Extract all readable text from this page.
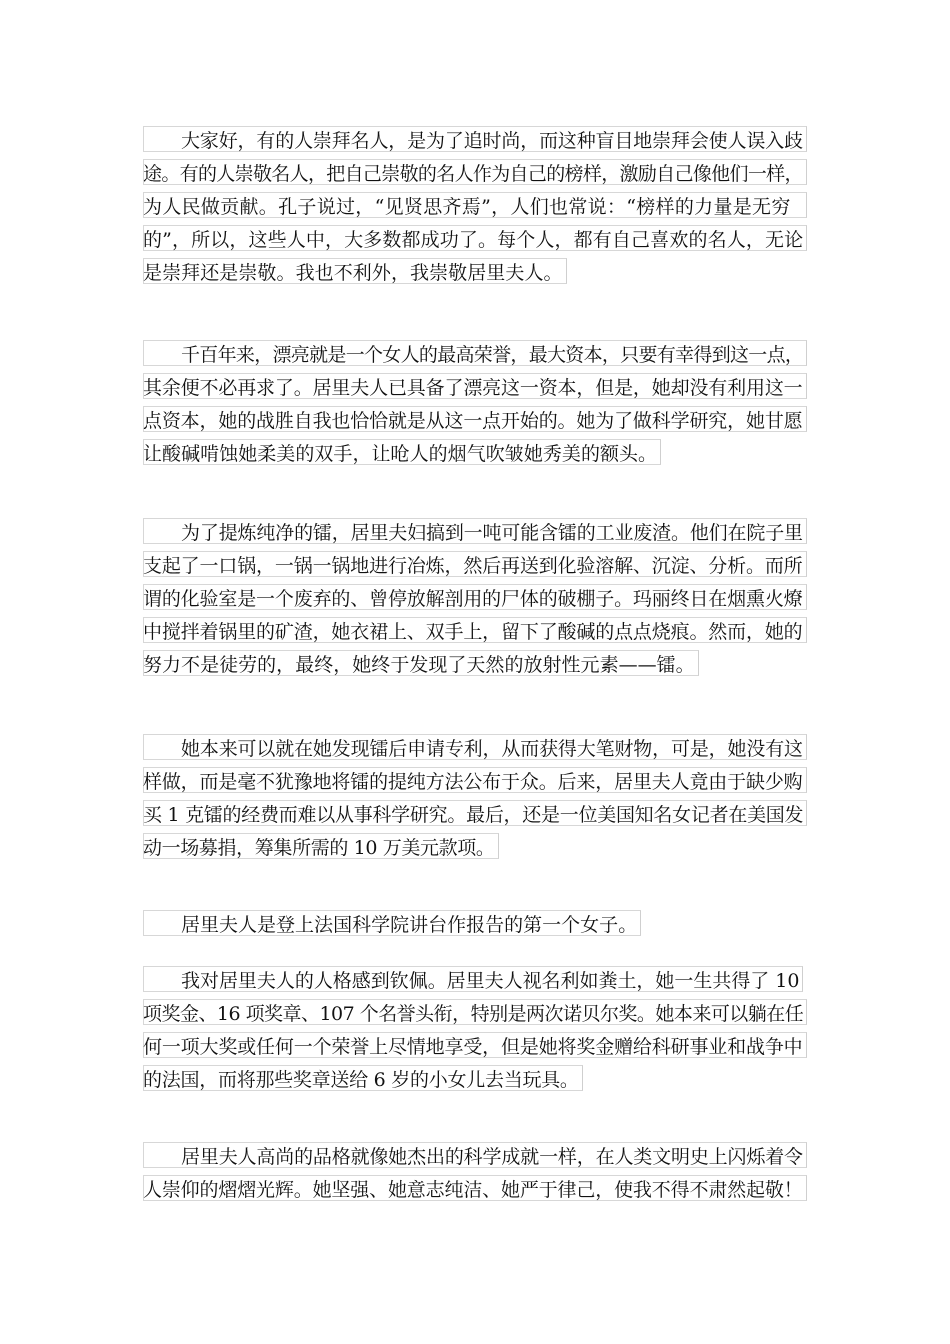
大家好，有的人崇拜名人，是为了追时尚，而这种盲目地崇拜会使人误入歧
途。有的人崇敬名人，把自己崇敬的名人作为自己的榜样，激励自己像他们一样，
为人民做贡献。孔子说过，“见贤思齐焉”，人们也常说：“榜样的力量是无穷
的”，所以，这些人中，大多数都成功了。每个人，都有自己喜欢的名人，无论
是崇拜还是崇敬。我也不利外，我崇敬居里夫人。
千百年来，漂亮就是一个女人的最高荣誉，最大资本，只要有幸得到这一点，
其余便不必再求了。居里夫人已具备了漂亮这一资本，但是，她却没有利用这一
点资本，她的战胜自我也恰恰就是从这一点开始的。她为了做科学研究，她甘愿
让酸碱啃蚀她柔美的双手，让呛人的烟气吹皱她秀美的额头。
为了提炼纯净的镭，居里夫妇搞到一吨可能含镭的工业废渣。他们在院子里
支起了一口锅，一锅一锅地进行冶炼，然后再送到化验溶解、沉淀、分析。而所
谓的化验室是一个废弃的、曾停放解剖用的尸体的破棚子。玛丽终日在烟熏火燎
中搅拌着锅里的矿渣，她衣裙上、双手上，留下了酸碱的点点烧痕。然而，她的
努力不是徒劳的，最终，她终于发现了天然的放射性元素——镭。
她本来可以就在她发现镭后申请专利，从而获得大笔财物，可是，她没有这
样做，而是毫不犹豫地将镭的提纯方法公布于众。后来，居里夫人竟由于缺少购
买 1 克镭的经费而难以从事科学研究。最后，还是一位美国知名女记者在美国发
动一场募捐，筹集所需的 10 万美元款项。
居里夫人是登上法国科学院讲台作报告的第一个女子。
我对居里夫人的人格感到钦佩。居里夫人视名利如粪土，她一生共得了 10
项奖金、16 项奖章、107 个名誉头衔，特别是两次诺贝尔奖。她本来可以躺在任
何一项大奖或任何一个荣誉上尽情地享受，但是她将奖金赠给科研事业和战争中
的法国，而将那些奖章送给 6 岁的小女儿去当玩具。
居里夫人高尚的品格就像她杰出的科学成就一样，在人类文明史上闪烁着令
人崇仰的熠熠光辉。她坚强、她意志纯洁、她严于律己，使我不得不肃然起敬！
